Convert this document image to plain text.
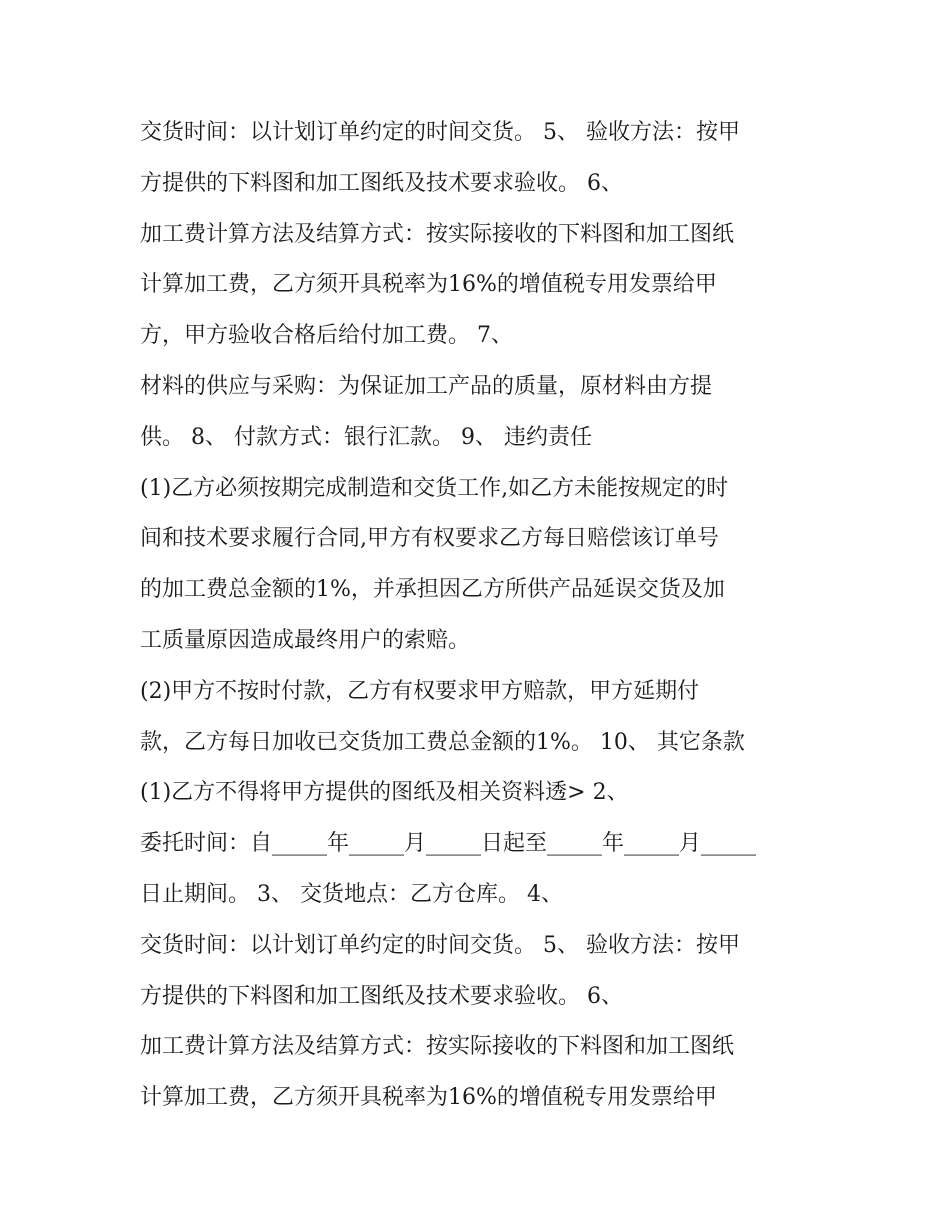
交货时间：以计划订单约定的时间交货。 5、 验收方法：按甲
方提供的下料图和加工图纸及技术要求验收。 6、
加工费计算方法及结算方式：按实际接收的下料图和加工图纸
计算加工费，乙方须开具税率为16%的增值税专用发票给甲
方，甲方验收合格后给付加工费。 7、
材料的供应与采购：为保证加工产品的质量，原材料由方提
供。 8、 付款方式：银行汇款。 9、 违约责任
(1)乙方必须按期完成制造和交货工作,如乙方未能按规定的时
间和技术要求履行合同,甲方有权要求乙方每日赔偿该订单号
的加工费总金额的1%，并承担因乙方所供产品延误交货及加
工质量原因造成最终用户的索赔。
(2)甲方不按时付款，乙方有权要求甲方赔款，甲方延期付
款，乙方每日加收已交货加工费总金额的1%。 10、 其它条款
(1)乙方不得将甲方提供的图纸及相关资料透> 2、
委托时间：自_____年_____月_____日起至_____年_____月_____
日止期间。 3、 交货地点：乙方仓库。 4、
交货时间：以计划订单约定的时间交货。 5、 验收方法：按甲
方提供的下料图和加工图纸及技术要求验收。 6、
加工费计算方法及结算方式：按实际接收的下料图和加工图纸
计算加工费，乙方须开具税率为16%的增值税专用发票给甲
